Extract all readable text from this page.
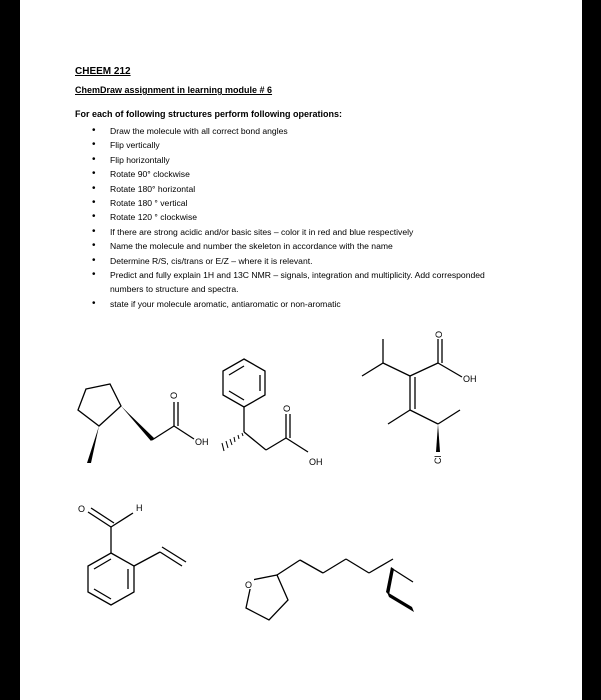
CHEEM 212
ChemDraw assignment in learning module # 6
For each of following structures perform following operations:
• Draw the molecule with all correct bond angles
• Flip vertically
• Flip horizontally
• Rotate 90° clockwise
• Rotate 180° horizontal
• Rotate 180 ° vertical
• Rotate 120 ° clockwise
• If there are strong acidic and/or basic sites – color it in red and blue respectively
• Name the molecule and number the skeleton in accordance with the name
• Determine R/S, cis/trans or E/Z – where it is relevant.
• Predict and fully explain 1H and 13C NMR – signals, integration and multiplicity. Add corresponded numbers to structure and spectra.
• state if your molecule aromatic, antiaromatic or non-aromatic
O
OH
O
OH
O
OH
Cl
O	H
O
